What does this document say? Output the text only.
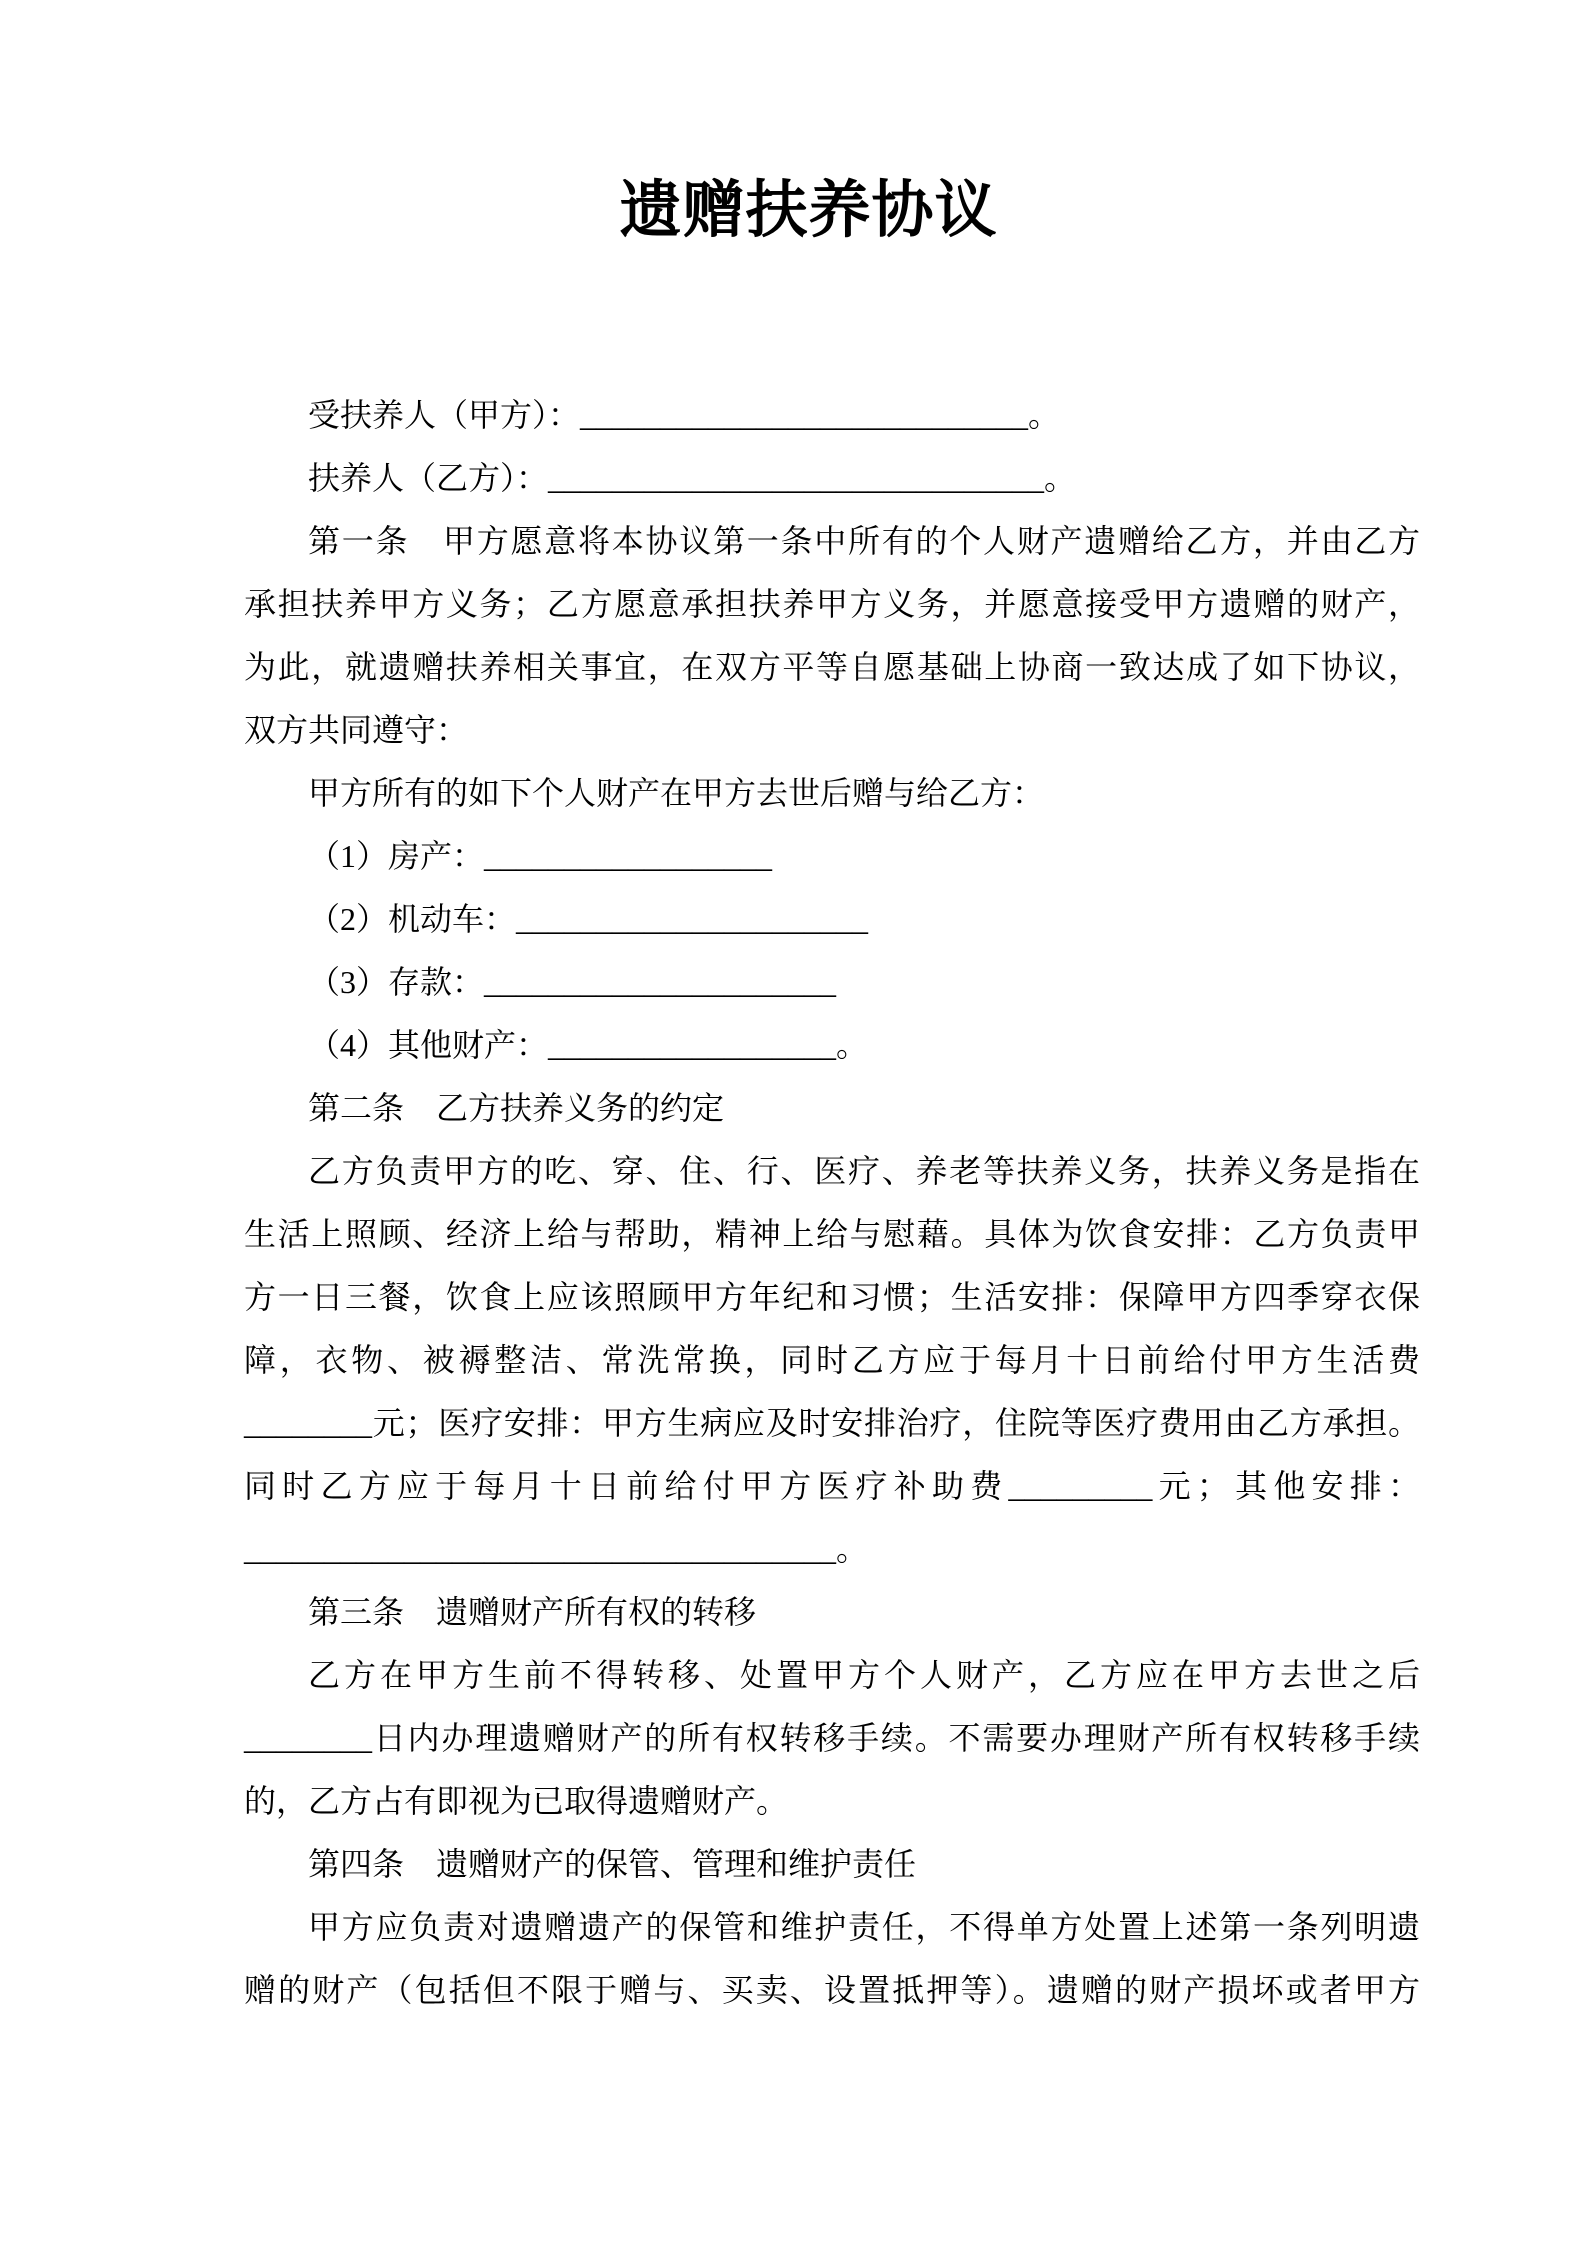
遗赠扶养协议
受扶养人（甲方）：____________________________。
扶养人（乙方）：_______________________________。
第一条　甲方愿意将本协议第一条中所有的个人财产遗赠给乙方，并由乙方
承担扶养甲方义务；乙方愿意承担扶养甲方义务，并愿意接受甲方遗赠的财产，
为此，就遗赠扶养相关事宜，在双方平等自愿基础上协商一致达成了如下协议，
双方共同遵守：
甲方所有的如下个人财产在甲方去世后赠与给乙方：
（1）房产：__________________
（2）机动车：______________________
（3）存款：______________________
（4）其他财产：__________________。
第二条　乙方扶养义务的约定
乙方负责甲方的吃、穿、住、行、医疗、养老等扶养义务，扶养义务是指在
生活上照顾、经济上给与帮助，精神上给与慰藉。具体为饮食安排：乙方负责甲
方一日三餐，饮食上应该照顾甲方年纪和习惯；生活安排：保障甲方四季穿衣保
障，衣物、被褥整洁、常洗常换，同时乙方应于每月十日前给付甲方生活费
________元；医疗安排：甲方生病应及时安排治疗，住院等医疗费用由乙方承担。
同时乙方应于每月十日前给付甲方医疗补助费_________元；其他安排：
_____________________________________。
第三条　遗赠财产所有权的转移
乙方在甲方生前不得转移、处置甲方个人财产，乙方应在甲方去世之后
________日内办理遗赠财产的所有权转移手续。不需要办理财产所有权转移手续
的，乙方占有即视为已取得遗赠财产。
第四条　遗赠财产的保管、管理和维护责任
甲方应负责对遗赠遗产的保管和维护责任，不得单方处置上述第一条列明遗
赠的财产（包括但不限于赠与、买卖、设置抵押等）。遗赠的财产损坏或者甲方
